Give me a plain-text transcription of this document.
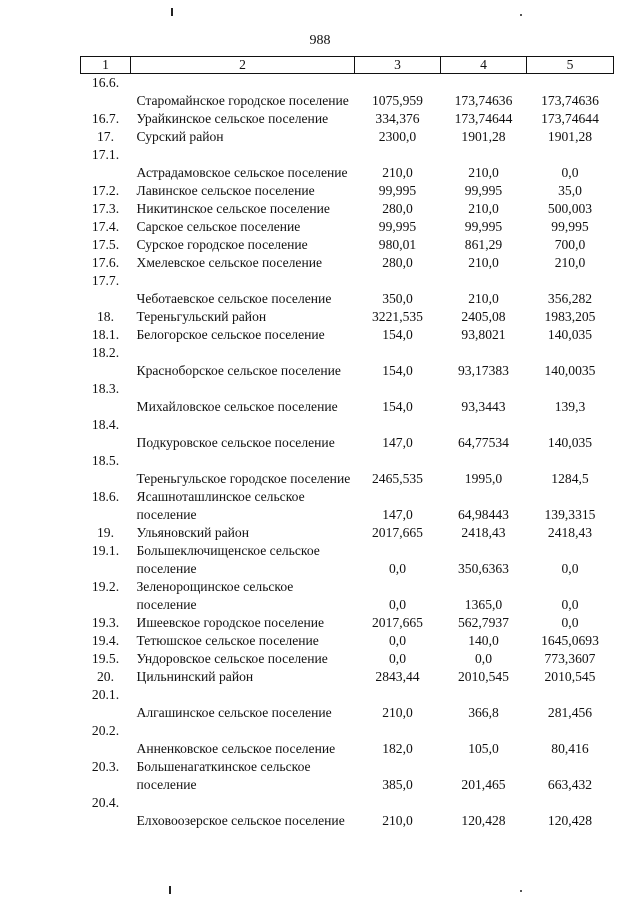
988
1	2	3	4	5
16.6.	Старомайнское городское поселение	1075,959	173,74636	173,74636
16.7.	Урайкинское сельское поселение	334,376	173,74644	173,74644
17.	Сурский район	2300,0	1901,28	1901,28
17.1.	Астрадамовское сельское поселение	210,0	210,0	0,0
17.2.	Лавинское сельское поселение	99,995	99,995	35,0
17.3.	Никитинское сельское поселение	280,0	210,0	500,003
17.4.	Сарское сельское поселение	99,995	99,995	99,995
17.5.	Сурское городское поселение	980,01	861,29	700,0
17.6.	Хмелевское сельское поселение	280,0	210,0	210,0
17.7.	Чеботаевское сельское поселение	350,0	210,0	356,282
18.	Тереньгульский район	3221,535	2405,08	1983,205
18.1.	Белогорское сельское поселение	154,0	93,8021	140,035
18.2.	Красноборское сельское поселение	154,0	93,17383	140,0035
18.3.	Михайловское сельское поселение	154,0	93,3443	139,3
18.4.	Подкуровское сельское поселение	147,0	64,77534	140,035
18.5.	Тереньгульское городское поселение	2465,535	1995,0	1284,5
18.6.	Ясашноташлинское сельское поселение	147,0	64,98443	139,3315
19.	Ульяновский район	2017,665	2418,43	2418,43
19.1.	Большеключищенское сельское поселение	0,0	350,6363	0,0
19.2.	Зеленорощинское сельское поселение	0,0	1365,0	0,0
19.3.	Ишеевское городское поселение	2017,665	562,7937	0,0
19.4.	Тетюшское сельское поселение	0,0	140,0	1645,0693
19.5.	Ундоровское сельское поселение	0,0	0,0	773,3607
20.	Цильнинский район	2843,44	2010,545	2010,545
20.1.	Алгашинское сельское поселение	210,0	366,8	281,456
20.2.	Анненковское сельское поселение	182,0	105,0	80,416
20.3.	Большенагаткинское сельское поселение	385,0	201,465	663,432
20.4.	Елховоозерское сельское поселение	210,0	120,428	120,428
